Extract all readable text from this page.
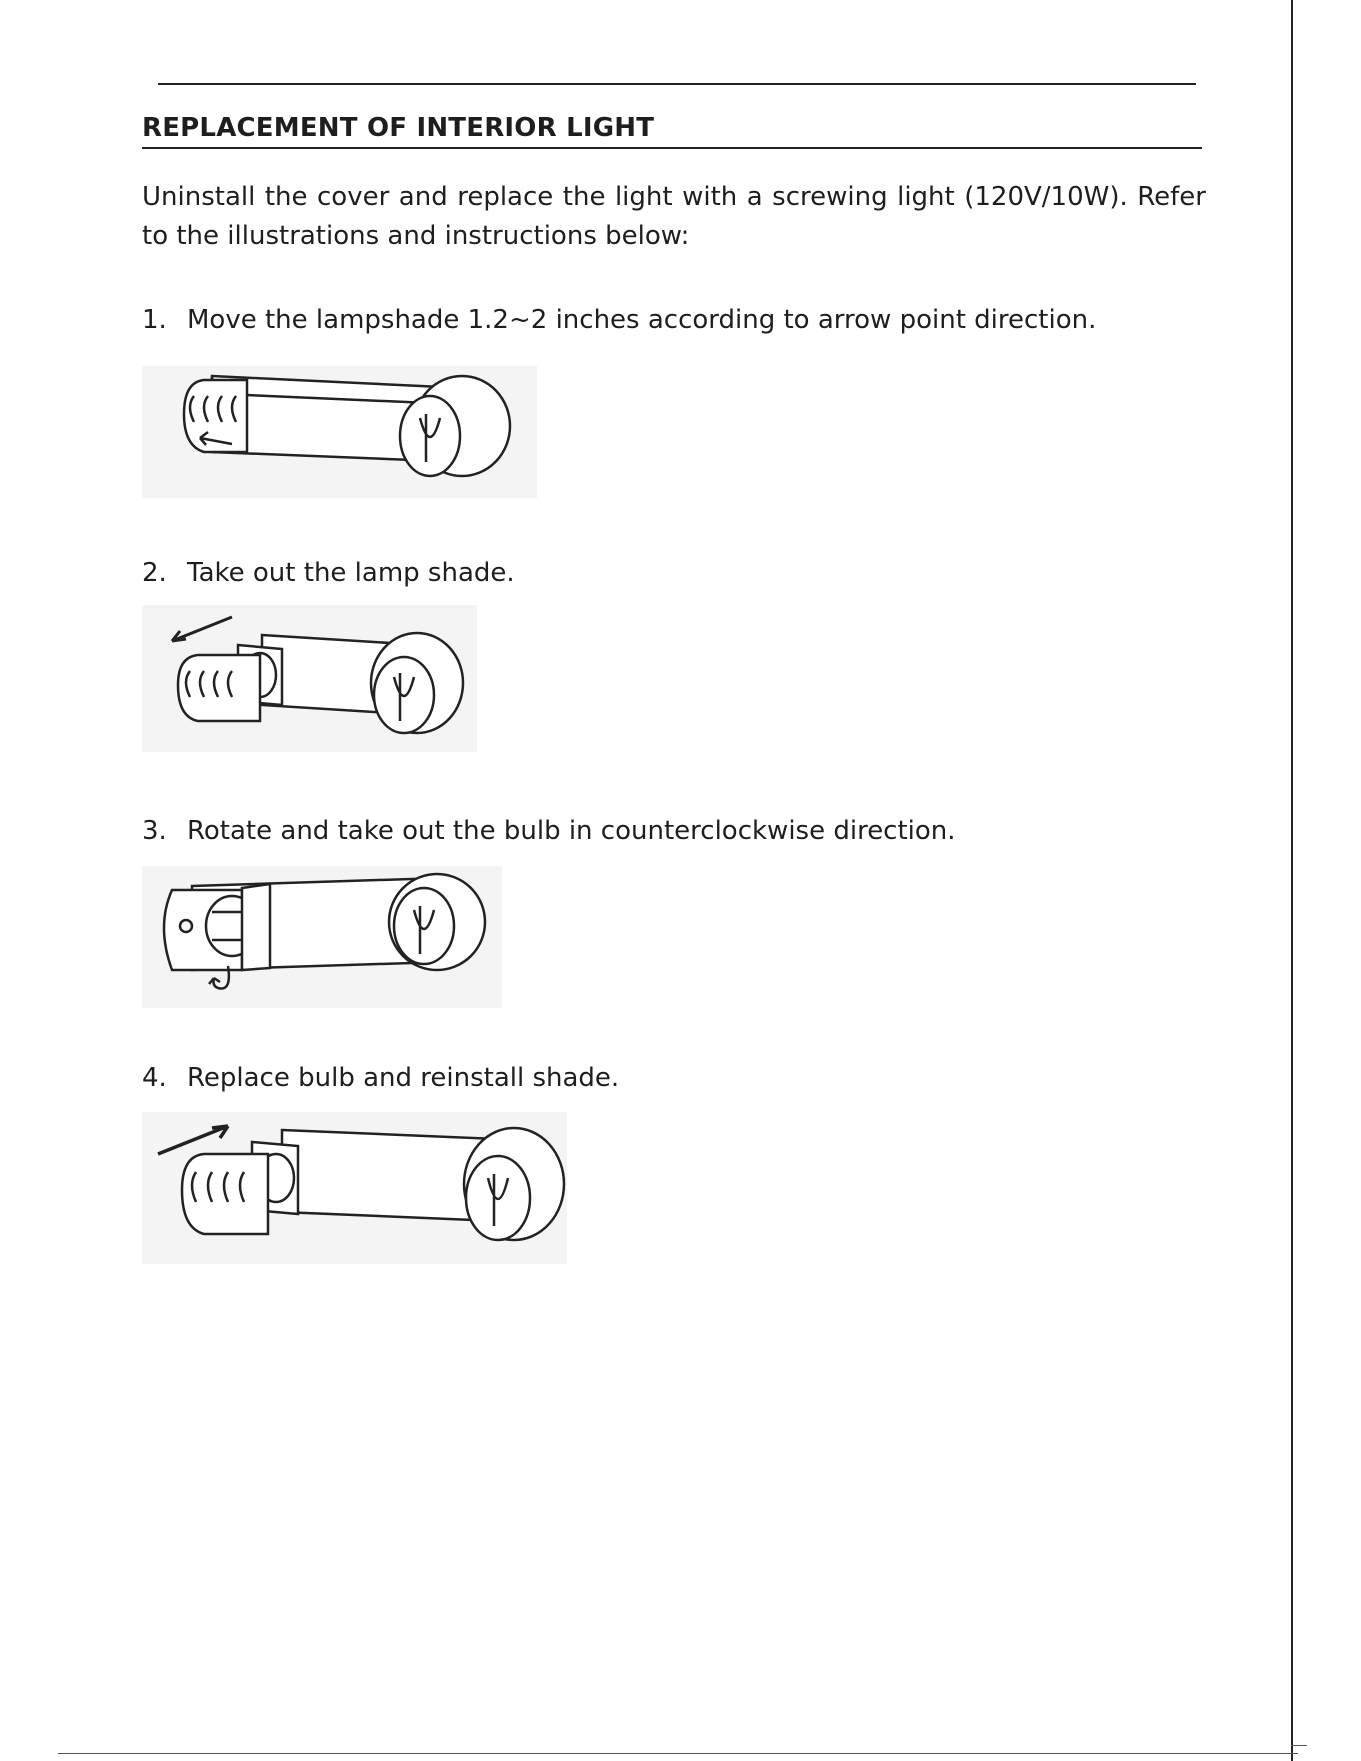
REPLACEMENT OF INTERIOR LIGHT
Uninstall the cover and replace the light with a screwing light (120V/10W). Refer to the illustrations and instructions below:
1. Move the lampshade 1.2~2 inches according to arrow point direction.
2. Take out the lamp shade.
3. Rotate and take out the bulb in counterclockwise direction.
4. Replace bulb and reinstall shade.
